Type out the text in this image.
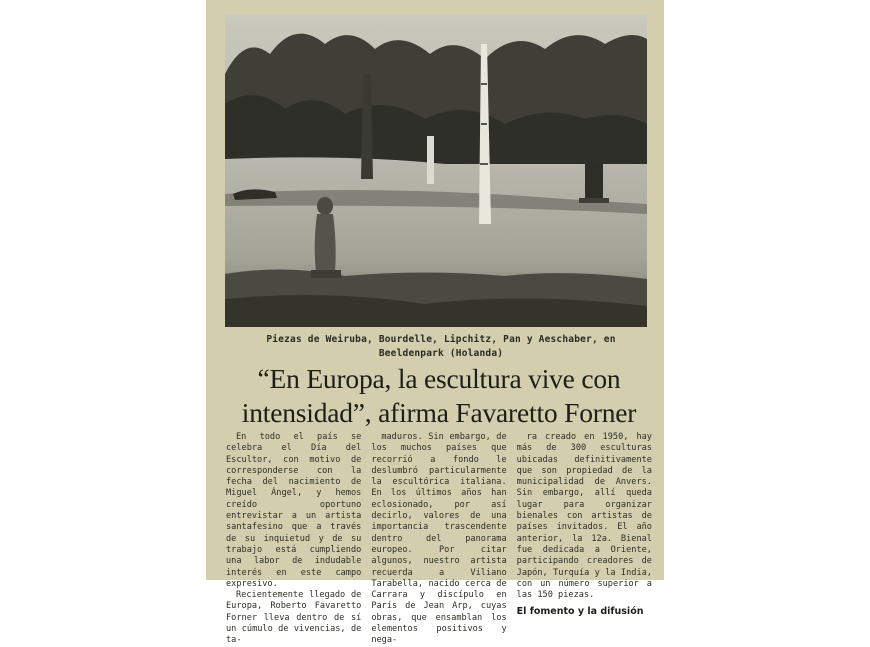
Piezas de Weiruba, Bourdelle, Lipchitz, Pan y Aeschaber, en
Beeldenpark (Holanda)
“En Europa, la escultura vive con
intensidad”, afirma Favaretto Forner

En todo el país se celebra el Día del Escultor, con motivo de corresponderse con la fecha del nacimiento de Miguel Ángel, y hemos creído oportuno entrevistar a un artista santafesino que a través de su inquietud y de su trabajo está cumpliendo una labor de indudable interés en este campo expresivo.

Recientemente llegado de Europa, Roberto Favaretto Forner lleva dentro de sí un cúmulo de vivencias, de ta-

maduros. Sin embargo, de los muchos países que recorrió a fondo le deslumbró particularmente la escultórica italiana. En los últimos años han eclosionado, por así decirlo, valores de una importancia trascendente dentro del panorama europeo. Por citar algunos, nuestro artista recuerda a Viliano Tarabella, nacido cerca de Carrara y discípulo en París de Jean Arp, cuyas obras, que ensamblan los elementos positivos y nega-

ra creado en 1950, hay más de 300 esculturas ubicadas definitivamente que son propiedad de la municipalidad de Anvers. Sin embargo, allí queda lugar para organizar bienales con artistas de países invitados. El año anterior, la 12a. Bienal fue dedicada a Oriente, participando creadores de Japón, Turquía y la India, con un número superior a las 150 piezas.

El fomento y la difusión
